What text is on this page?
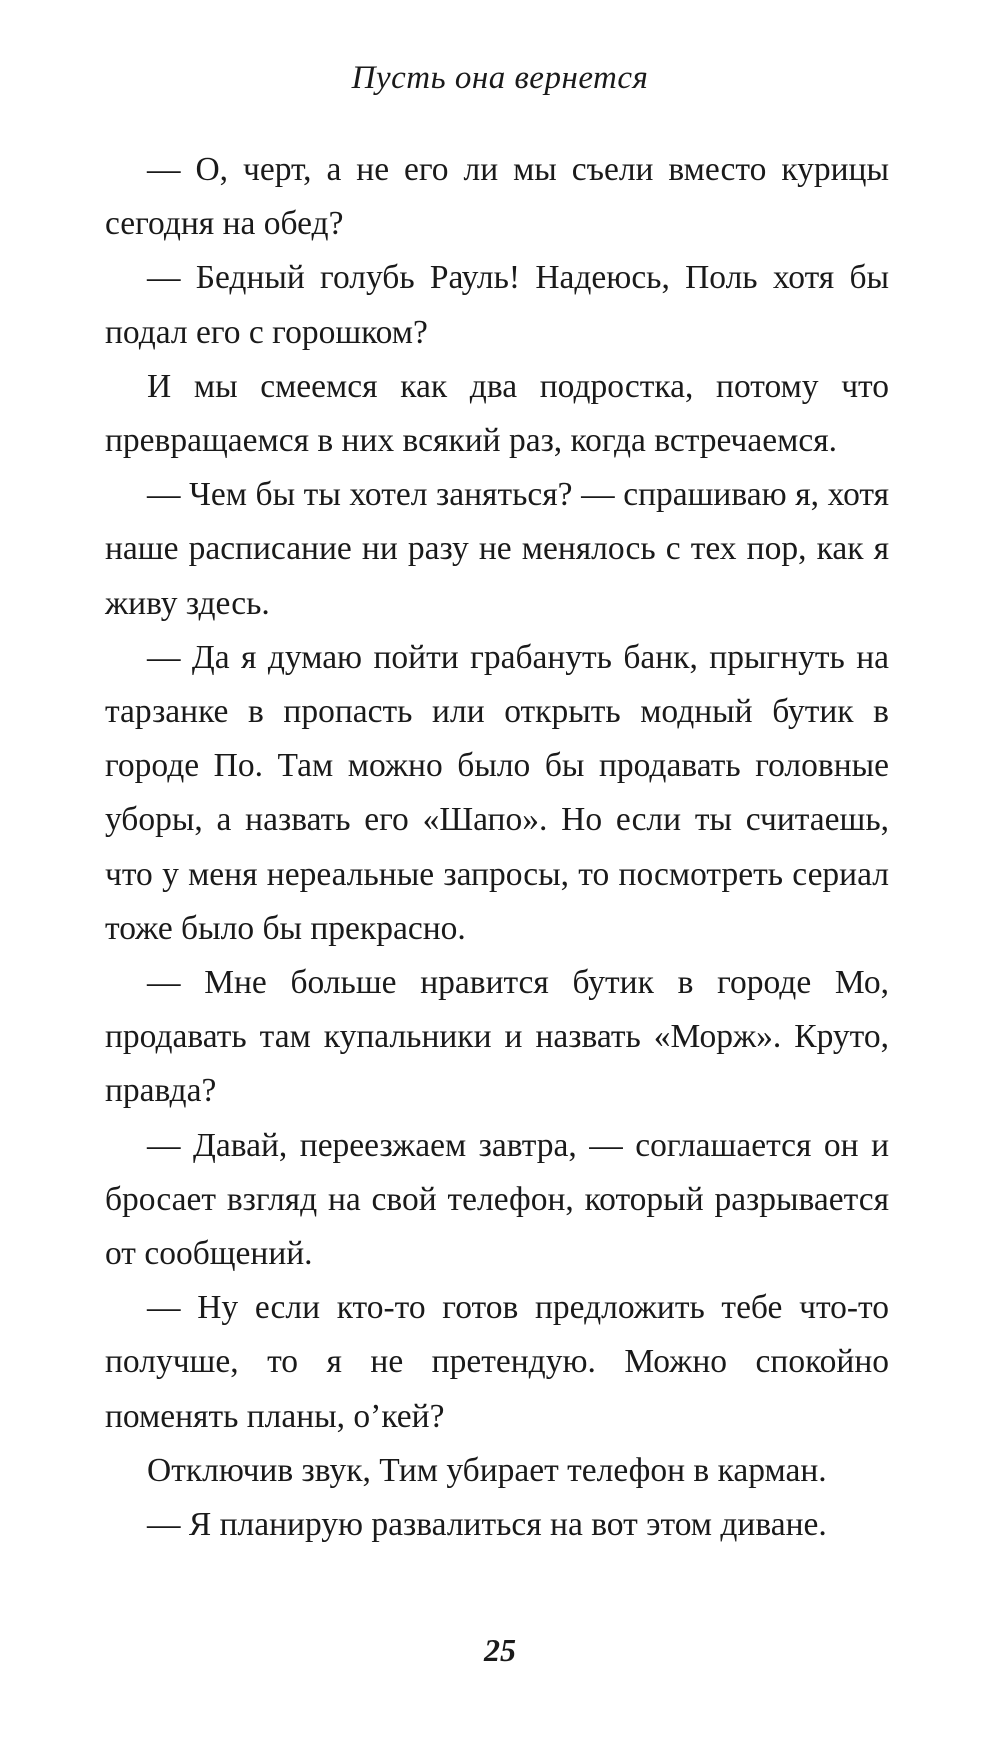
Пусть она вернется

— О, черт, а не его ли мы съели вместо курицы сегодня на обед?

— Бедный голубь Рауль! Надеюсь, Поль хотя бы подал его с горошком?

И мы смеемся как два подростка, потому что превращаемся в них всякий раз, когда встречаемся.

— Чем бы ты хотел заняться? — спрашиваю я, хотя наше расписание ни разу не менялось с тех пор, как я живу здесь.

— Да я думаю пойти грабануть банк, прыгнуть на тарзанке в пропасть или открыть модный бутик в городе По. Там можно было бы продавать головные уборы, а назвать его «Шапо». Но если ты считаешь, что у меня нереальные запросы, то посмотреть сериал тоже было бы прекрасно.

— Мне больше нравится бутик в городе Мо, продавать там купальники и назвать «Морж». Круто, правда?

— Давай, переезжаем завтра, — соглашается он и бросает взгляд на свой телефон, который разрывается от сообщений.

— Ну если кто-то готов предложить тебе что-то получше, то я не претендую. Можно спокойно поменять планы, о’кей?

Отключив звук, Тим убирает телефон в карман.

— Я планирую развалиться на вот этом диване.

25
